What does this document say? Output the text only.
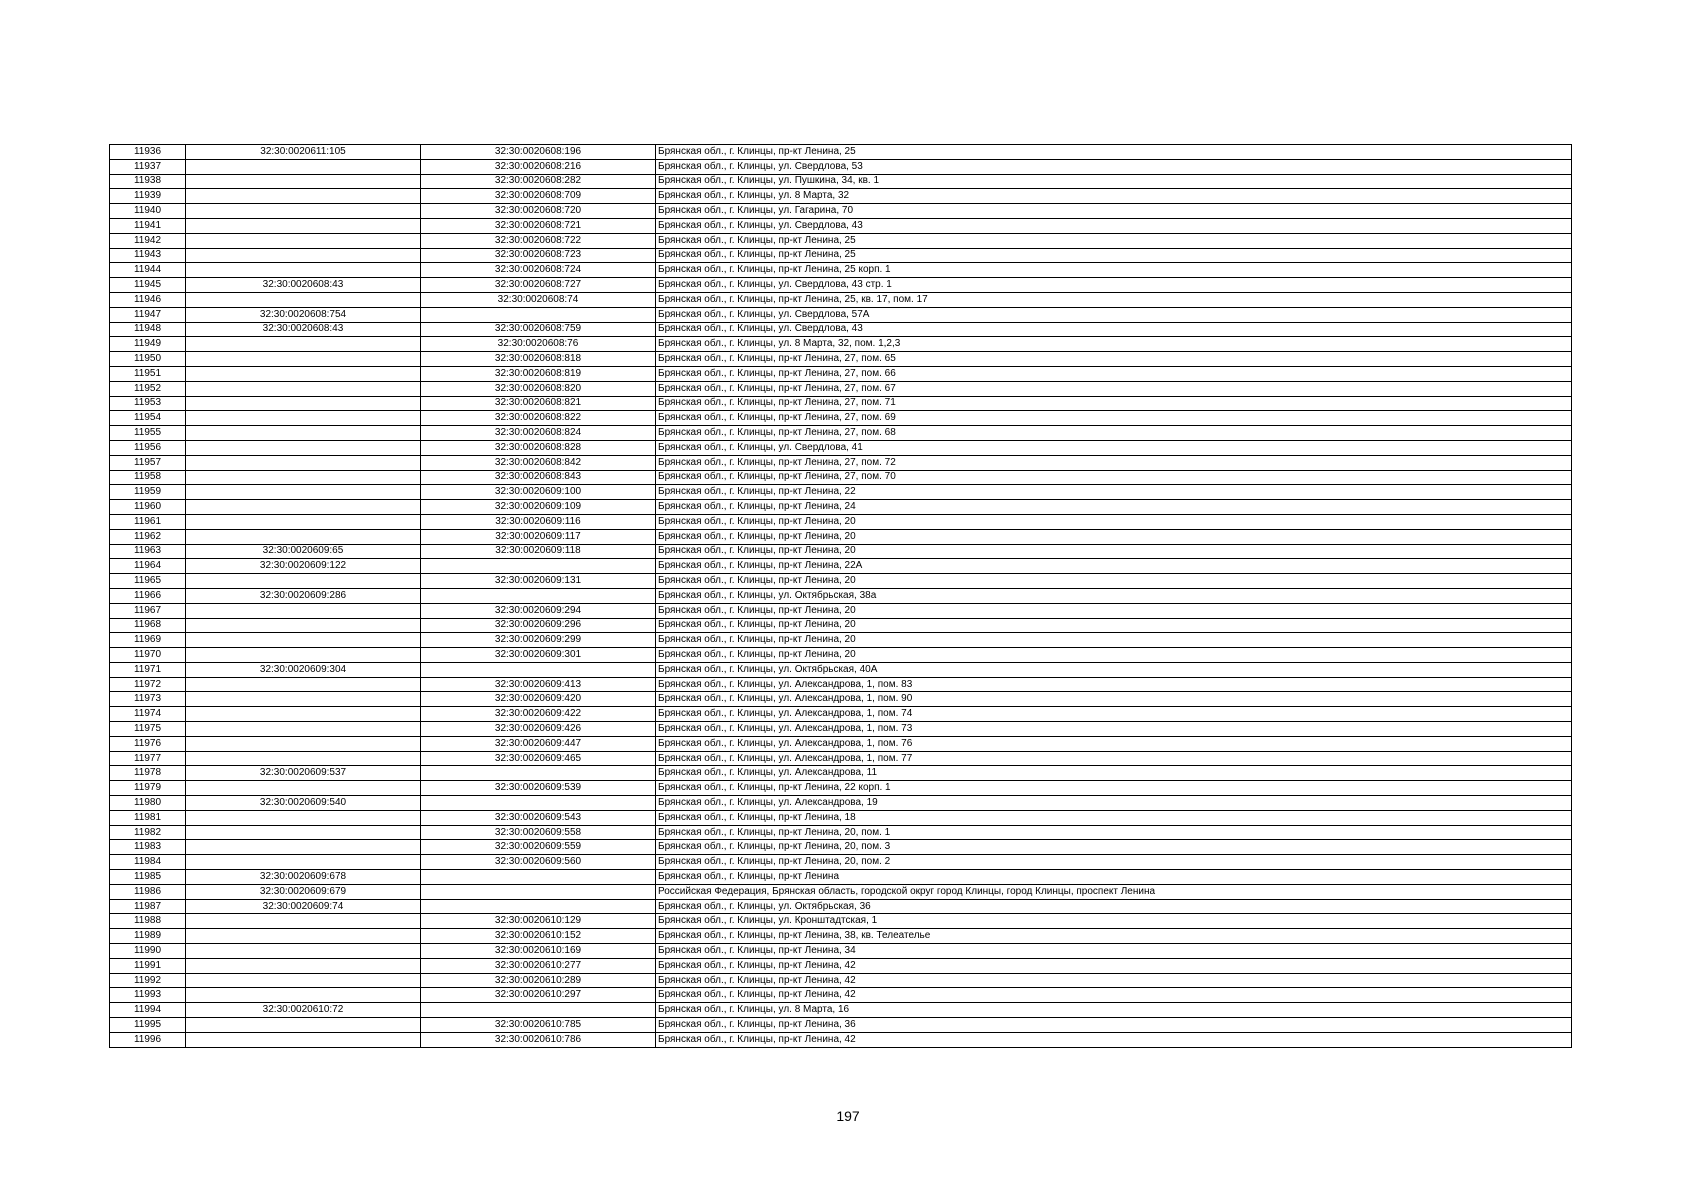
11936	32:30:0020611:105	32:30:0020608:196	Брянская обл., г. Клинцы, пр-кт Ленина, 25
11937		32:30:0020608:216	Брянская обл., г. Клинцы, ул. Свердлова, 53
11938		32:30:0020608:282	Брянская обл., г. Клинцы, ул. Пушкина, 34, кв. 1
11939		32:30:0020608:709	Брянская обл., г. Клинцы, ул. 8 Марта, 32
11940		32:30:0020608:720	Брянская обл., г. Клинцы, ул. Гагарина, 70
11941		32:30:0020608:721	Брянская обл., г. Клинцы, ул. Свердлова, 43
11942		32:30:0020608:722	Брянская обл., г. Клинцы, пр-кт Ленина, 25
11943		32:30:0020608:723	Брянская обл., г. Клинцы, пр-кт Ленина, 25
11944		32:30:0020608:724	Брянская обл., г. Клинцы, пр-кт Ленина, 25 корп. 1
11945	32:30:0020608:43	32:30:0020608:727	Брянская обл., г. Клинцы, ул. Свердлова, 43 стр. 1
11946		32:30:0020608:74	Брянская обл., г. Клинцы, пр-кт Ленина, 25, кв. 17, пом. 17
11947	32:30:0020608:754		Брянская обл., г. Клинцы, ул. Свердлова, 57А
11948	32:30:0020608:43	32:30:0020608:759	Брянская обл., г. Клинцы, ул. Свердлова, 43
11949		32:30:0020608:76	Брянская обл., г. Клинцы, ул. 8 Марта, 32, пом. 1,2,3
11950		32:30:0020608:818	Брянская обл., г. Клинцы, пр-кт Ленина, 27, пом. 65
11951		32:30:0020608:819	Брянская обл., г. Клинцы, пр-кт Ленина, 27, пом. 66
11952		32:30:0020608:820	Брянская обл., г. Клинцы, пр-кт Ленина, 27, пом. 67
11953		32:30:0020608:821	Брянская обл., г. Клинцы, пр-кт Ленина, 27, пом. 71
11954		32:30:0020608:822	Брянская обл., г. Клинцы, пр-кт Ленина, 27, пом. 69
11955		32:30:0020608:824	Брянская обл., г. Клинцы, пр-кт Ленина, 27, пом. 68
11956		32:30:0020608:828	Брянская обл., г. Клинцы, ул. Свердлова, 41
11957		32:30:0020608:842	Брянская обл., г. Клинцы, пр-кт Ленина, 27, пом. 72
11958		32:30:0020608:843	Брянская обл., г. Клинцы, пр-кт Ленина, 27, пом. 70
11959		32:30:0020609:100	Брянская обл., г. Клинцы, пр-кт Ленина, 22
11960		32:30:0020609:109	Брянская обл., г. Клинцы, пр-кт Ленина, 24
11961		32:30:0020609:116	Брянская обл., г. Клинцы, пр-кт Ленина, 20
11962		32:30:0020609:117	Брянская обл., г. Клинцы, пр-кт Ленина, 20
11963	32:30:0020609:65	32:30:0020609:118	Брянская обл., г. Клинцы, пр-кт Ленина, 20
11964	32:30:0020609:122		Брянская обл., г. Клинцы, пр-кт Ленина, 22А
11965		32:30:0020609:131	Брянская обл., г. Клинцы, пр-кт Ленина, 20
11966	32:30:0020609:286		Брянская обл., г. Клинцы, ул. Октябрьская, 38а
11967		32:30:0020609:294	Брянская обл., г. Клинцы, пр-кт Ленина, 20
11968		32:30:0020609:296	Брянская обл., г. Клинцы, пр-кт Ленина, 20
11969		32:30:0020609:299	Брянская обл., г. Клинцы, пр-кт Ленина, 20
11970		32:30:0020609:301	Брянская обл., г. Клинцы, пр-кт Ленина, 20
11971	32:30:0020609:304		Брянская обл., г. Клинцы, ул. Октябрьская, 40А
11972		32:30:0020609:413	Брянская обл., г. Клинцы, ул. Александрова, 1, пом. 83
11973		32:30:0020609:420	Брянская обл., г. Клинцы, ул. Александрова, 1, пом. 90
11974		32:30:0020609:422	Брянская обл., г. Клинцы, ул. Александрова, 1, пом. 74
11975		32:30:0020609:426	Брянская обл., г. Клинцы, ул. Александрова, 1, пом. 73
11976		32:30:0020609:447	Брянская обл., г. Клинцы, ул. Александрова, 1, пом. 76
11977		32:30:0020609:465	Брянская обл., г. Клинцы, ул. Александрова, 1, пом. 77
11978	32:30:0020609:537		Брянская обл., г. Клинцы, ул. Александрова, 11
11979		32:30:0020609:539	Брянская обл., г. Клинцы, пр-кт Ленина, 22 корп. 1
11980	32:30:0020609:540		Брянская обл., г. Клинцы, ул. Александрова, 19
11981		32:30:0020609:543	Брянская обл., г. Клинцы, пр-кт Ленина, 18
11982		32:30:0020609:558	Брянская обл., г. Клинцы, пр-кт Ленина, 20, пом. 1
11983		32:30:0020609:559	Брянская обл., г. Клинцы, пр-кт Ленина, 20, пом. 3
11984		32:30:0020609:560	Брянская обл., г. Клинцы, пр-кт Ленина, 20, пом. 2
11985	32:30:0020609:678		Брянская обл., г. Клинцы, пр-кт Ленина
11986	32:30:0020609:679		Российская Федерация, Брянская область, городской округ город Клинцы, город Клинцы, проспект Ленина
11987	32:30:0020609:74		Брянская обл., г. Клинцы, ул. Октябрьская, 36
11988		32:30:0020610:129	Брянская обл., г. Клинцы, ул. Кронштадтская, 1
11989		32:30:0020610:152	Брянская обл., г. Клинцы, пр-кт Ленина, 38, кв. Телеателье
11990		32:30:0020610:169	Брянская обл., г. Клинцы, пр-кт Ленина, 34
11991		32:30:0020610:277	Брянская обл., г. Клинцы, пр-кт Ленина, 42
11992		32:30:0020610:289	Брянская обл., г. Клинцы, пр-кт Ленина, 42
11993		32:30:0020610:297	Брянская обл., г. Клинцы, пр-кт Ленина, 42
11994	32:30:0020610:72		Брянская обл., г. Клинцы, ул. 8 Марта, 16
11995		32:30:0020610:785	Брянская обл., г. Клинцы, пр-кт Ленина, 36
11996		32:30:0020610:786	Брянская обл., г. Клинцы, пр-кт Ленина, 42
197
